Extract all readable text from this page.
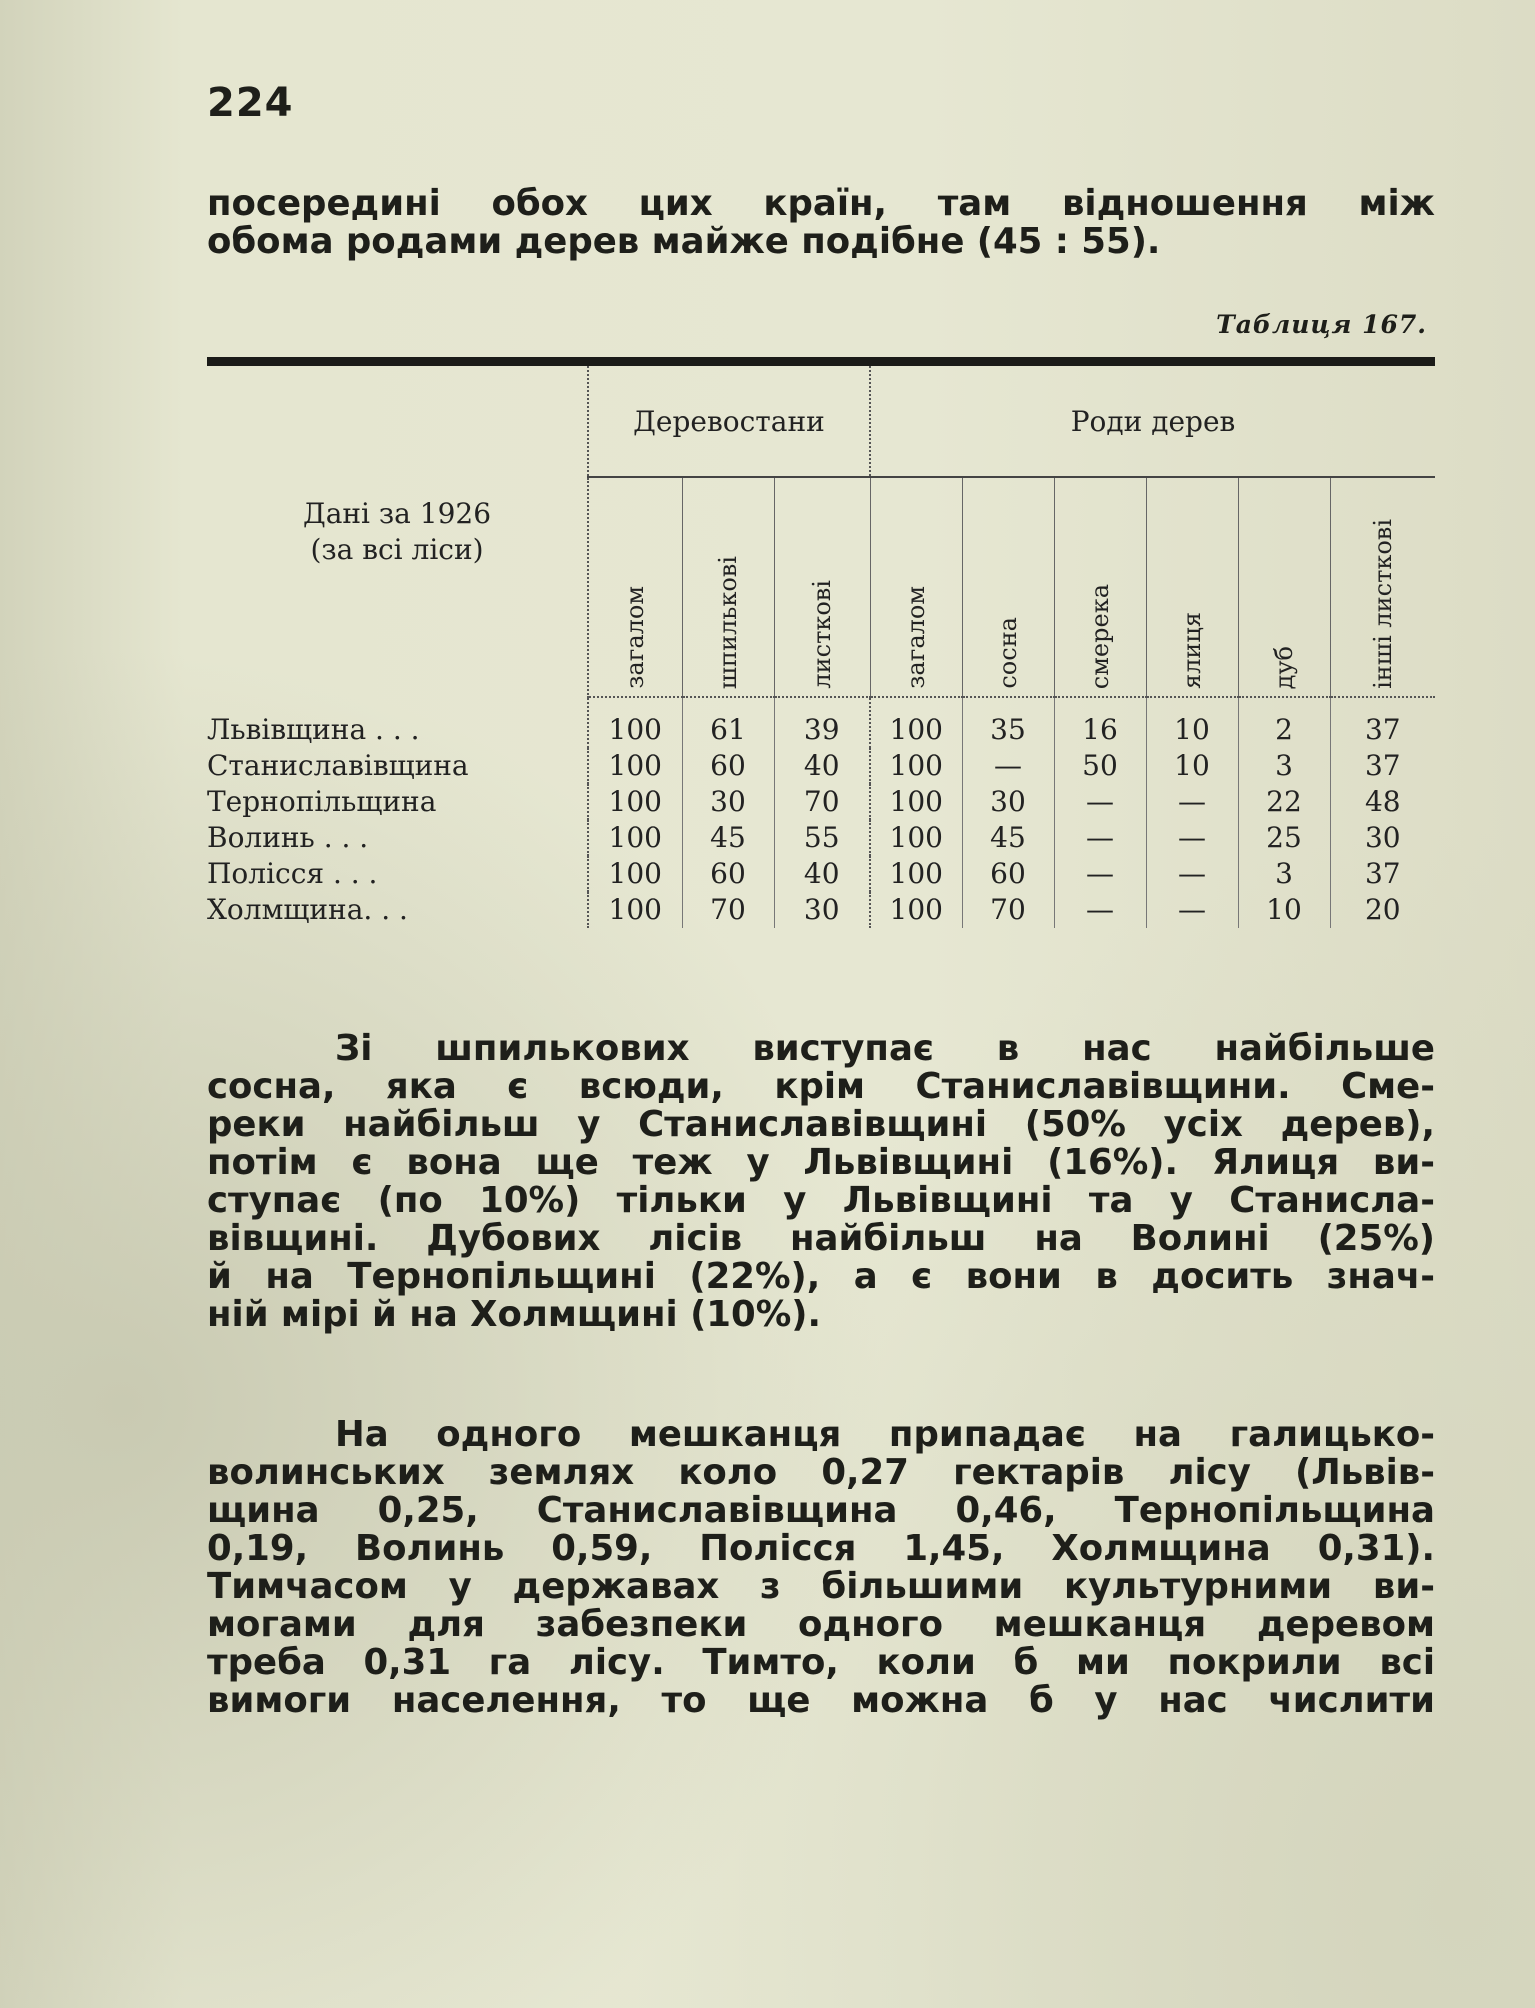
224
посередині обох цих країн, там відношення між
обома родами дерев майже подібне (45 : 55).
Таблиця 167.
Дані за 1926
(за всі ліси)	Деревостани			Роди дерев					
	загалом	шпилькові	листкові	загалом	сосна	смерека	ялиця	дуб	інші листкові
Львівщина . . .	100	61	39	100	35	16	10	2	37
Станиславівщина	100	60	40	100	—	50	10	3	37
Тернопільщина	100	30	70	100	30	—	—	22	48
Волинь . . .	100	45	55	100	45	—	—	25	30
Полісся . . .	100	60	40	100	60	—	—	3	37
Холмщина. . .	100	70	30	100	70	—	—	10	20
Зі шпилькових виступає в нас найбільше
сосна, яка є всюди, крім Станиславівщини. Сме-
реки найбільш у Станиславівщині (50% усіх дерев),
потім є вона ще теж у Львівщині (16%). Ялиця ви-
ступає (по 10%) тільки у Львівщині та у Станисла-
вівщині. Дубових лісів найбільш на Волині (25%)
й на Тернопільщині (22%), а є вони в досить знач-
ній мірі й на Холмщині (10%).
На одного мешканця припадає на галицько-
волинських землях коло 0,27 гектарів лісу (Львів-
щина 0,25, Станиславівщина 0,46, Тернопільщина
0,19, Волинь 0,59, Полісся 1,45, Холмщина 0,31).
Тимчасом у державах з більшими культурними ви-
могами для забезпеки одного мешканця деревом
треба 0,31 га лісу. Тимто, коли б ми покрили всі
вимоги населення, то ще можна б у нас числити
